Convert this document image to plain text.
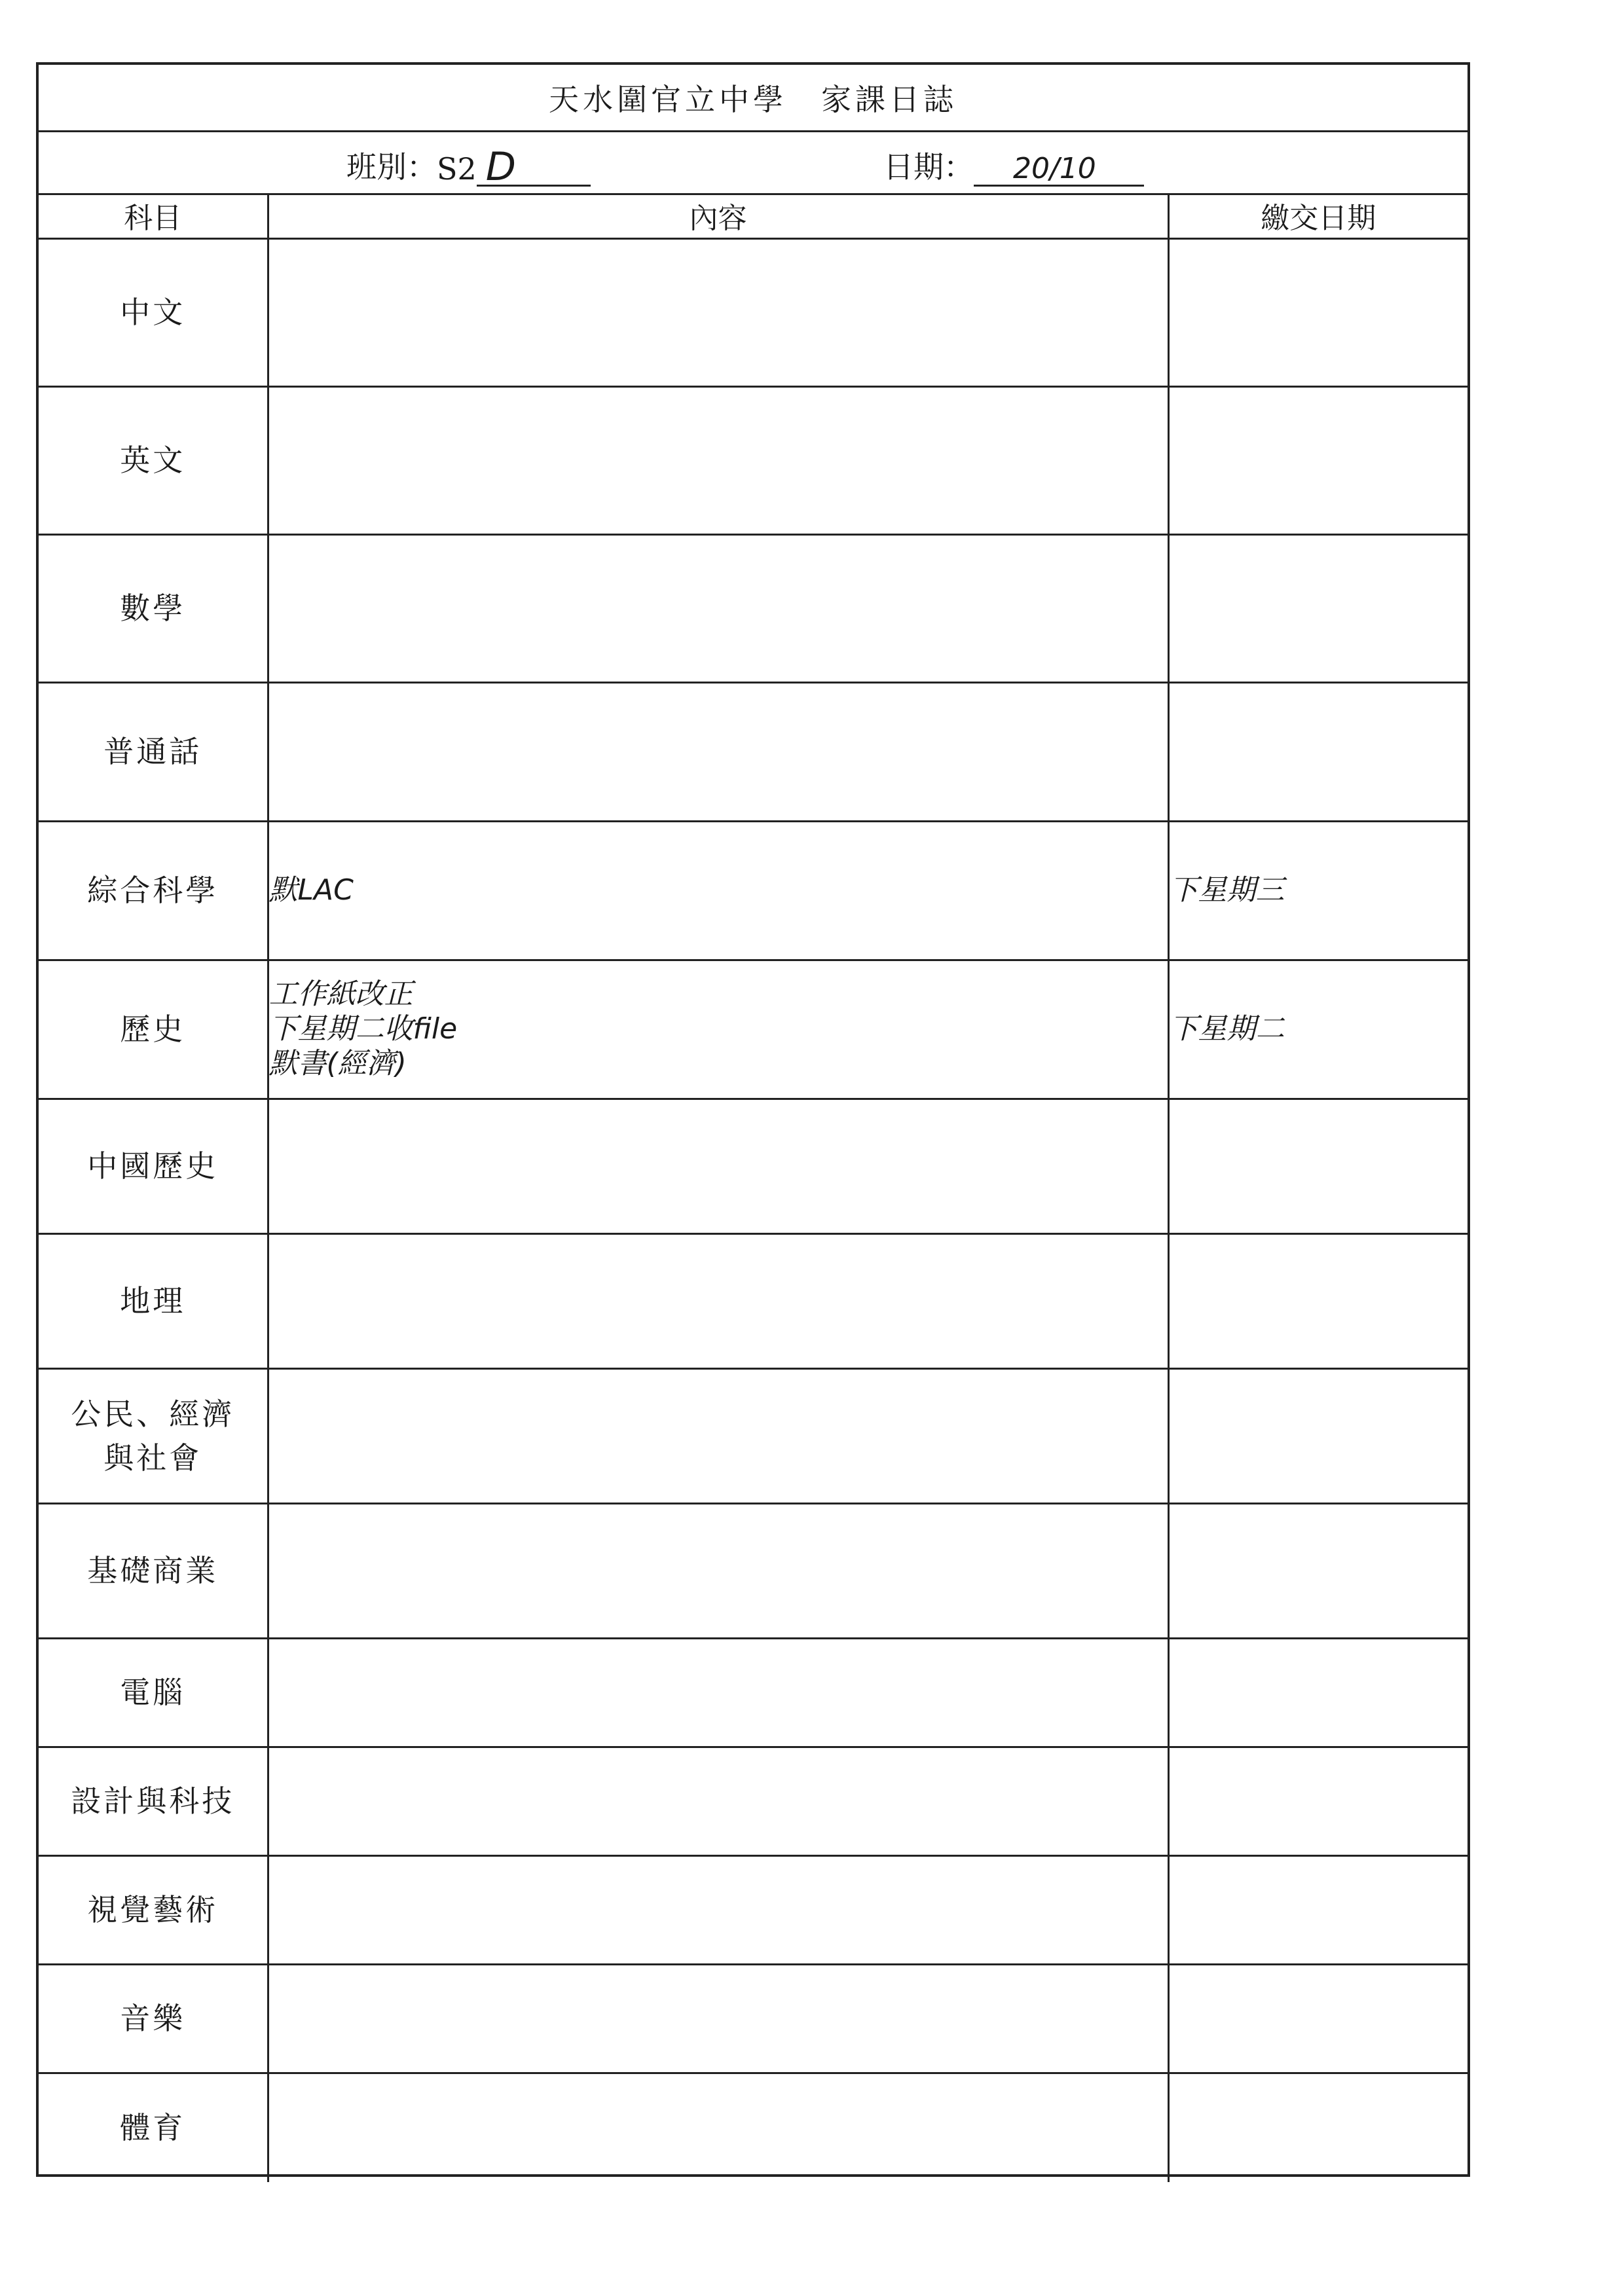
天水圍官立中學　家課日誌
班別： S2 D	日期：	20/10
科目	內容	繳交日期
中文		
英文		
數學		
普通話		
綜合科學	默LAC	下星期三
歷史	工作紙改正
下星期二收file
默書(經濟)	下星期二
中國歷史		
地理		
公民、經濟
與社會		
基礎商業		
電腦		
設計與科技		
視覺藝術		
音樂		
體育		
